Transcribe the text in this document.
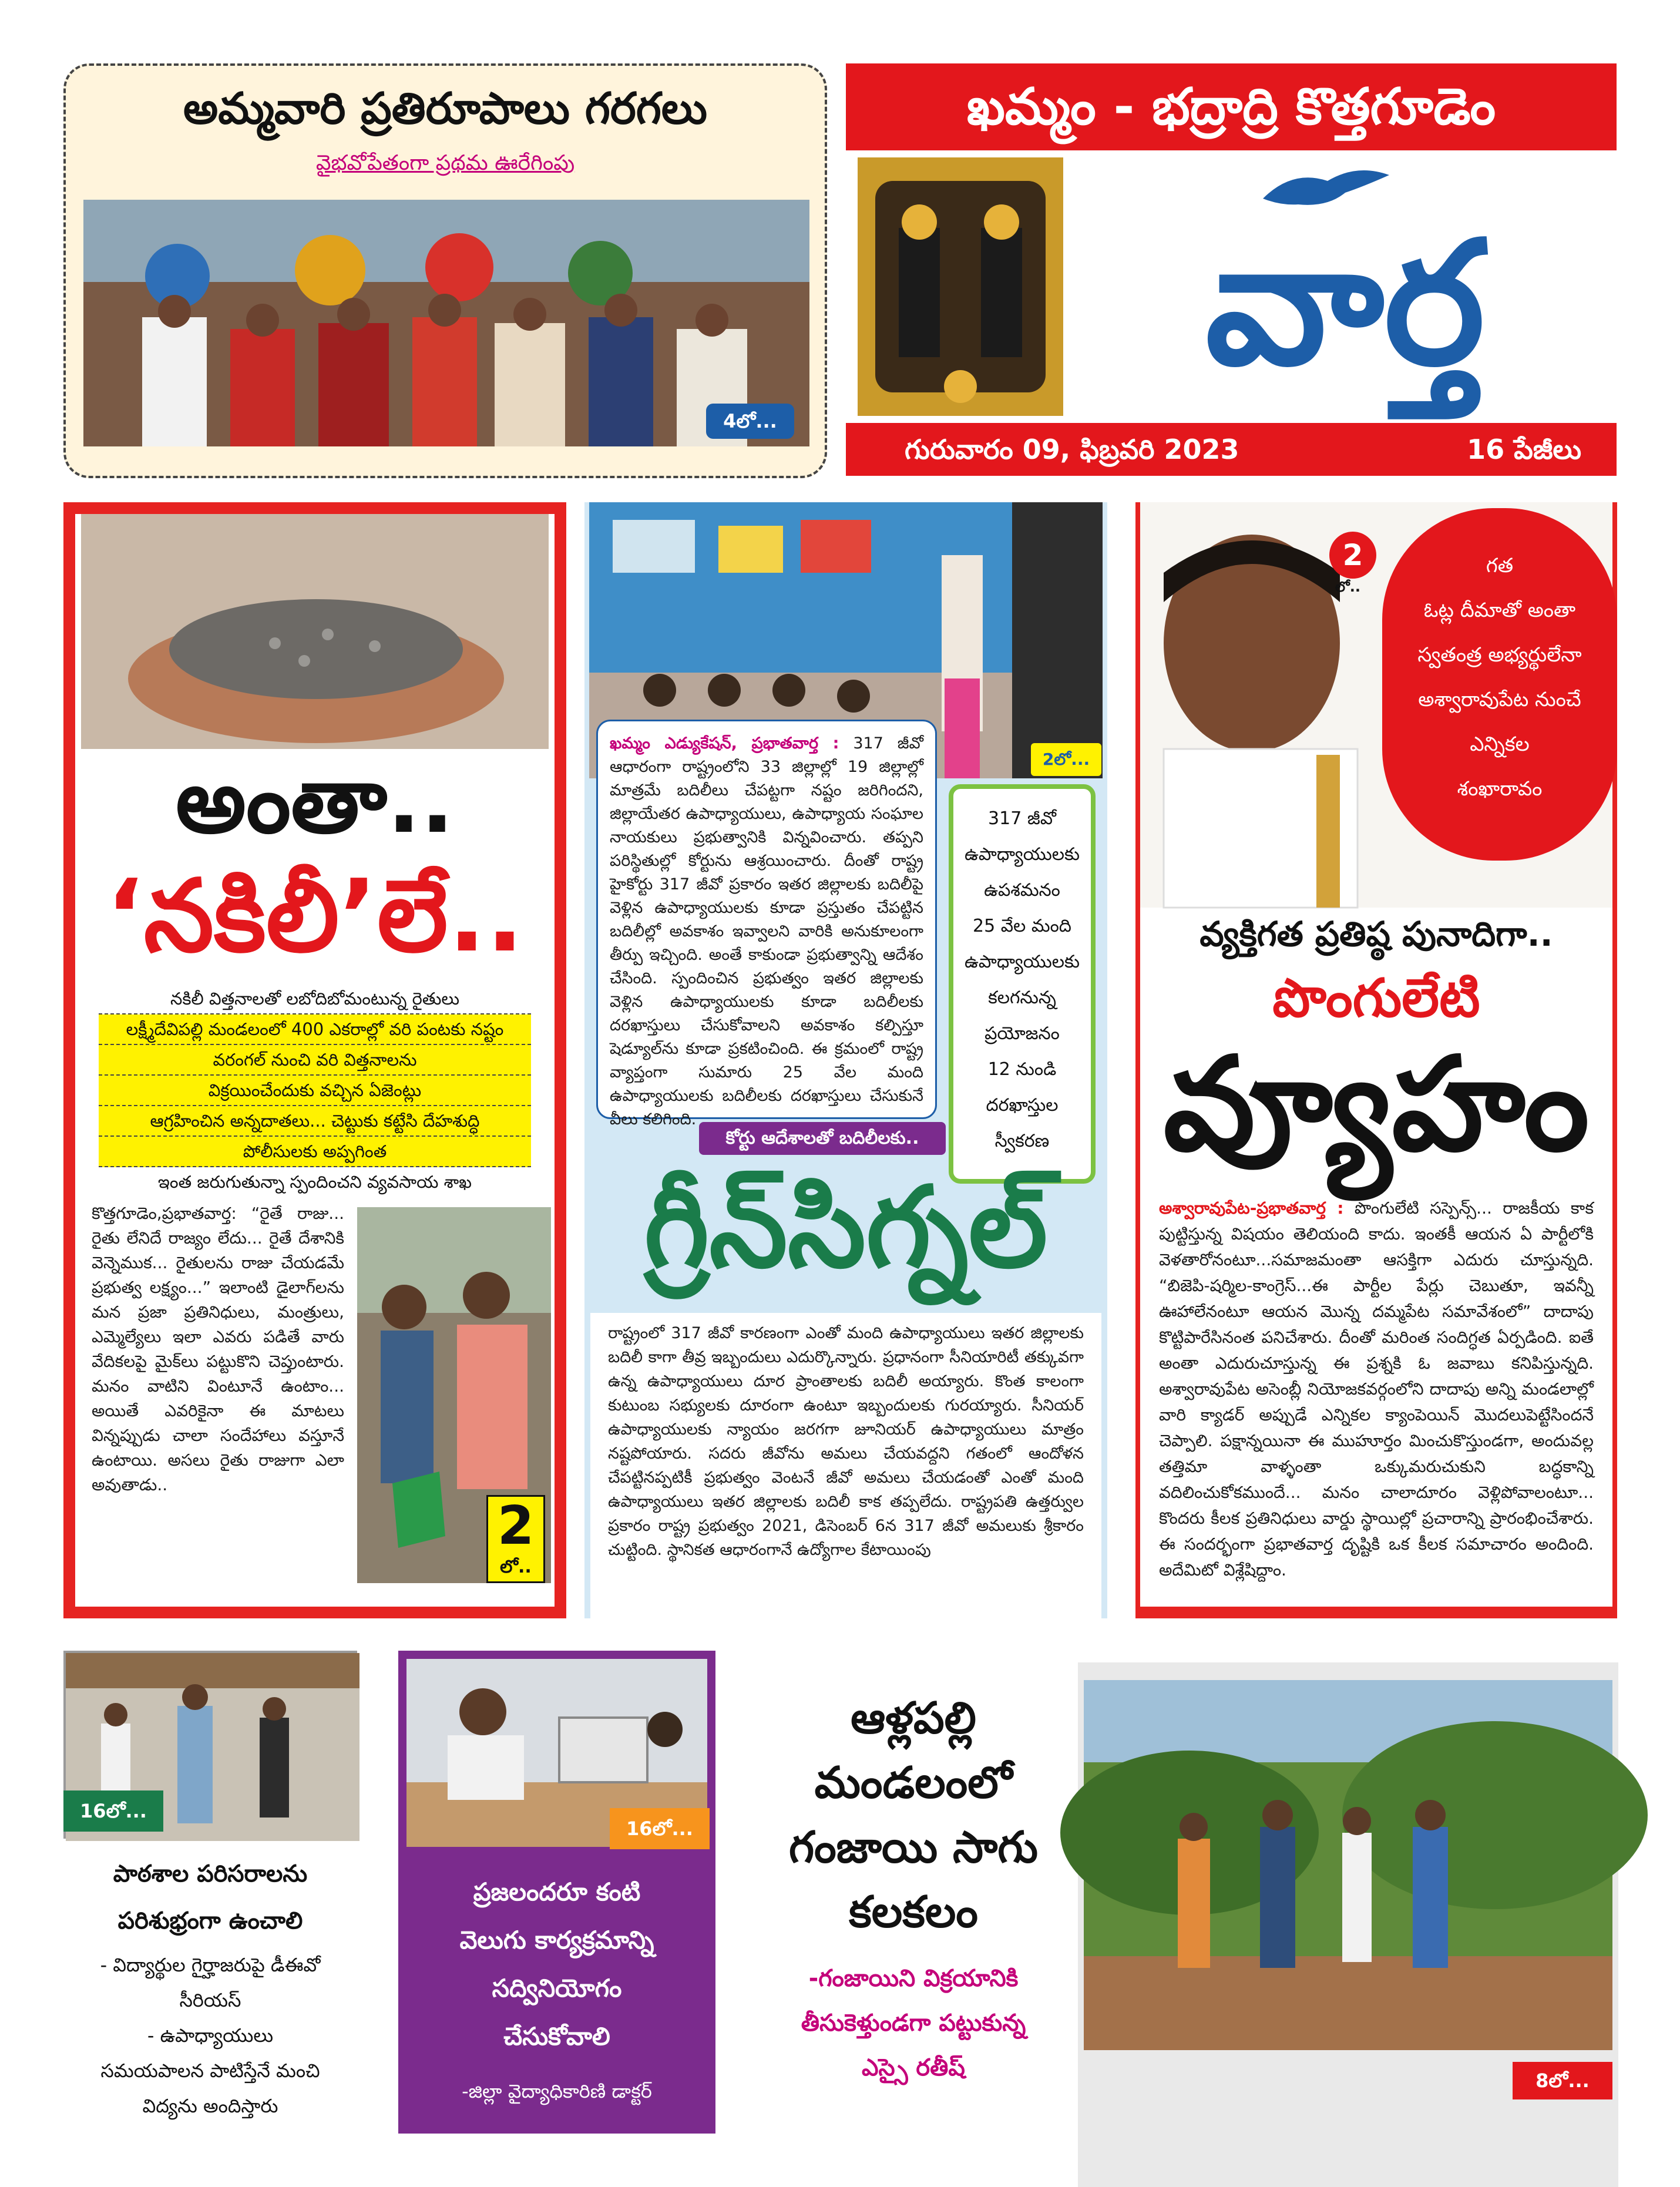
అమ్మవారి ప్రతిరూపాలు గరగలు
వైభవోపేతంగా ప్రథమ ఊరేగింపు
4లో...
ఖమ్మం - భద్రాద్రి కొత్తగూడెం
వార్త
గురువారం 09, ఫిబ్రవరి 2023	16 పేజీలు
అంతా..
‘నకిలీ’లే..
నకిలీ విత్తనాలతో లబోదిబోమంటున్న రైతులు
లక్ష్మీదేవిపల్లి మండలంలో 400 ఎకరాల్లో వరి పంటకు నష్టం
వరంగల్ నుంచి వరి విత్తనాలను
విక్రయించేందుకు వచ్చిన ఏజెంట్లు
ఆగ్రహించిన అన్నదాతలు... చెట్టుకు కట్టేసి దేహశుద్ధి
పోలీసులకు అప్పగింత
ఇంత జరుగుతున్నా స్పందించని వ్యవసాయ శాఖ
కొత్తగూడెం,ప్రభాతవార్త: “రైతే రాజు... రైతు లేనిదే రాజ్యం లేదు... రైతే దేశానికి వెన్నెముక... రైతులను రాజు చేయడమే ప్రభుత్వ లక్ష్యం...” ఇలాంటి డైలాగ్‌లను మన ప్రజా ప్రతినిధులు, మంత్రులు, ఎమ్మెల్యేలు ఇలా ఎవరు పడితే వారు వేదికలపై మైక్‌లు పట్టుకొని చెప్తుంటారు. మనం వాటిని వింటూనే ఉంటాం... అయితే ఎవరికైనా ఈ మాటలు విన్నప్పుడు చాలా సందేహాలు వస్తూనే ఉంటాయి. అసలు రైతు రాజుగా ఎలా అవుతాడు..
2
లో..
2లో...
ఖమ్మం ఎడ్యుకేషన్, ప్రభాతవార్త : 317 జీవో ఆధారంగా రాష్ట్రంలోని 33 జిల్లాల్లో 19 జిల్లాల్లో మాత్రమే బదిలీలు చేపట్టగా నష్టం జరిగిందని, జిల్లాయేతర ఉపాధ్యాయులు, ఉపాధ్యాయ సంఘాల నాయకులు ప్రభుత్వానికి విన్నవించారు. తప్పని పరిస్థితుల్లో కోర్టును ఆశ్రయించారు. దీంతో రాష్ట్ర హైకోర్టు 317 జీవో ప్రకారం ఇతర జిల్లాలకు బదిలీపై వెళ్లిన ఉపాధ్యాయులకు కూడా ప్రస్తుతం చేపట్టిన బదిలీల్లో అవకాశం ఇవ్వాలని వారికి అనుకూలంగా తీర్పు ఇచ్చింది. అంతే కాకుండా ప్రభుత్వాన్ని ఆదేశం చేసింది. స్పందించిన ప్రభుత్వం ఇతర జిల్లాలకు వెళ్లిన ఉపాధ్యాయులకు కూడా బదిలీలకు దరఖాస్తులు చేసుకోవాలని అవకాశం కల్పిస్తూ షెడ్యూల్‌ను కూడా ప్రకటించింది. ఈ క్రమంలో రాష్ట్ర వ్యాప్తంగా సుమారు 25 వేల మంది ఉపాధ్యాయులకు బదిలీలకు దరఖాస్తులు చేసుకునే వీలు కలిగింది.
317 జీవో
ఉపాధ్యాయులకు
ఉపశమనం
25 వేల మంది
ఉపాధ్యాయులకు
కలగనున్న
ప్రయోజనం
12 నుండి
దరఖాస్తుల
స్వీకరణ
కోర్టు ఆదేశాలతో బదిలీలకు..
గ్రీన్‌సిగ్నల్
రాష్ట్రంలో 317 జీవో కారణంగా ఎంతో మంది ఉపాధ్యాయులు ఇతర జిల్లాలకు బదిలీ కాగా తీవ్ర ఇబ్బందులు ఎదుర్కొన్నారు. ప్రధానంగా సీనియారిటీ తక్కువగా ఉన్న ఉపాధ్యాయులు దూర ప్రాంతాలకు బదిలీ అయ్యారు. కొంత కాలంగా కుటుంబ సభ్యులకు దూరంగా ఉంటూ ఇబ్బందులకు గురయ్యారు. సీనియర్ ఉపాధ్యాయులకు న్యాయం జరగగా జూనియర్ ఉపాధ్యాయులు మాత్రం నష్టపోయారు. సదరు జీవోను అమలు చేయవద్దని గతంలో ఆందోళన చేపట్టినప్పటికీ ప్రభుత్వం వెంటనే జీవో అమలు చేయడంతో ఎంతో మంది ఉపాధ్యాయులు ఇతర జిల్లాలకు బదిలీ కాక తప్పలేదు. రాష్ట్రపతి ఉత్తర్వుల ప్రకారం రాష్ట్ర ప్రభుత్వం 2021, డిసెంబర్ 6న 317 జీవో అమలుకు శ్రీకారం చుట్టింది. స్థానికత ఆధారంగానే ఉద్యోగాల కేటాయింపు
2
లో..
గత
ఓట్ల దీమాతో అంతా
స్వతంత్ర అభ్యర్థులేనా
అశ్వారావుపేట నుంచే
ఎన్నికల
శంఖారావం
వ్యక్తిగత ప్రతిష్ఠ పునాదిగా..
పొంగులేటి
వ్యూహం
అశ్వారావుపేట-ప్రభాతవార్త : పొంగులేటి సస్పెన్స్... రాజకీయ కాక పుట్టిస్తున్న విషయం తెలియంది కాదు. ఇంతకీ ఆయన ఏ పార్టీలోకి వెళతారోనంటూ...సమాజమంతా ఆసక్తిగా ఎదురు చూస్తున్నది. “బిజెపి-షర్మిల-కాంగ్రెస్...ఈ పార్టీల పేర్లు చెబుతూ, ఇవన్నీ ఊహాలేనంటూ ఆయన మొన్న దమ్మపేట సమావేశంలో” దాదాపు కొట్టిపారేసినంత పనిచేశారు. దీంతో మరింత సందిగ్ధత ఏర్పడింది. ఐతే అంతా ఎదురుచూస్తున్న ఈ ప్రశ్నకి ఓ జవాబు కనిపిస్తున్నది. అశ్వారావుపేట అసెంబ్లీ నియోజకవర్గంలోని దాదాపు అన్ని మండలాల్లో వారి క్యాడర్ అప్పుడే ఎన్నికల క్యాంపెయిన్ మొదలుపెట్టేసిందనే చెప్పాలి. పక్షాన్నయినా ఈ ముహూర్తం మించుకొస్తుండగా, అందువల్ల తత్తిమా వాళ్ళంతా ఒక్కుమరుచుకుని బద్ధకాన్ని వదిలించుకోకముందే... మనం చాలాదూరం వెళ్లిపోవాలంటూ... కొందరు కీలక ప్రతినిధులు వార్డు స్థాయిల్లో ప్రచారాన్ని ప్రారంభించేశారు. ఈ సందర్భంగా ప్రభాతవార్త దృష్టికి ఒక కీలక సమాచారం అందింది. అదేమిటో విశ్లేషిద్దాం.
16లో...
పాఠశాల పరిసరాలను
పరిశుభ్రంగా ఉంచాలి
- విద్యార్థుల గైర్హాజరుపై డీఈవో
సీరియస్
- ఉపాధ్యాయులు
సమయపాలన పాటిస్తేనే మంచి
విద్యను అందిస్తారు
16లో...
ప్రజలందరూ కంటి
వెలుగు కార్యక్రమాన్ని
సద్వినియోగం
చేసుకోవాలి
-జిల్లా వైద్యాధికారిణి డాక్టర్
ఆళ్లపల్లి
మండలంలో
గంజాయి సాగు
కలకలం
-గంజాయిని విక్రయానికి
తీసుకెళ్తుండగా పట్టుకున్న
ఎస్సై రతీష్	8లో...
